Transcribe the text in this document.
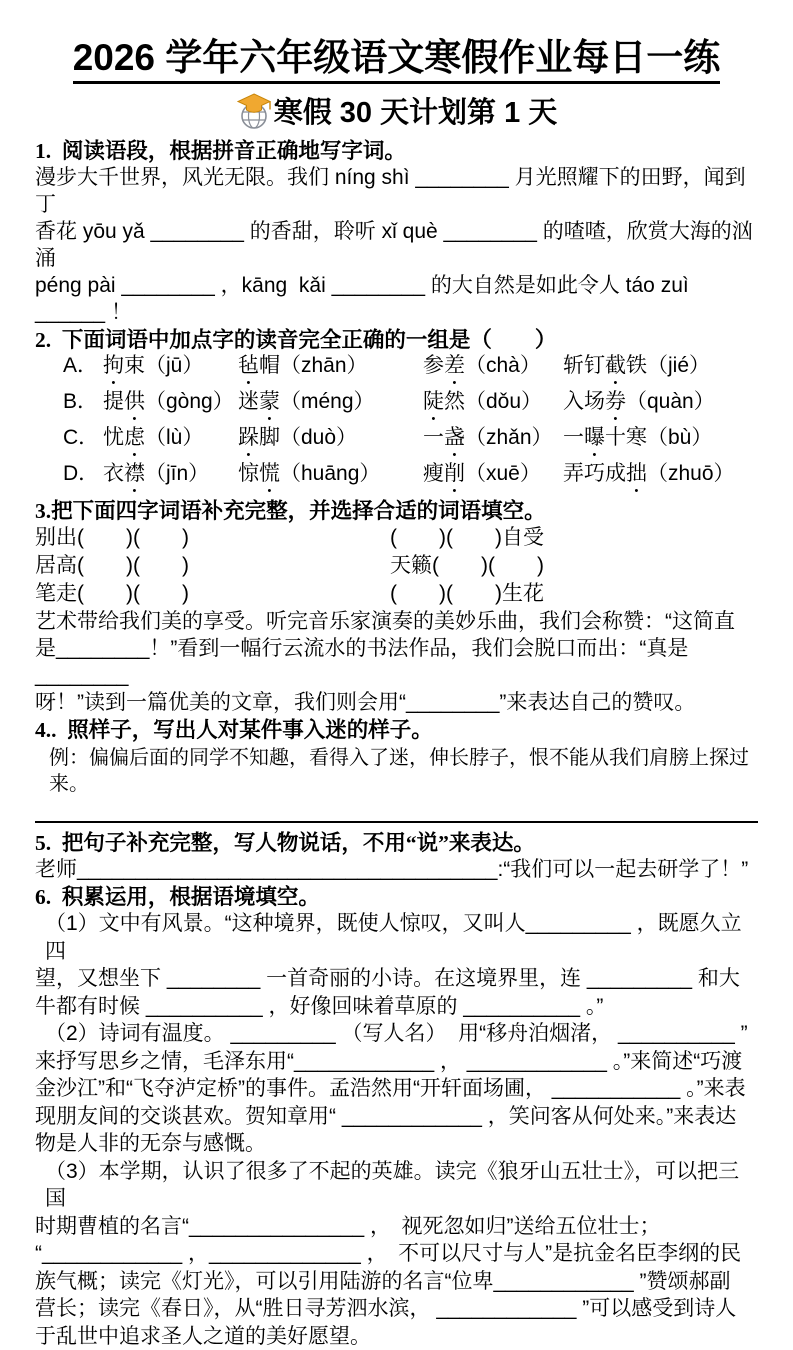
2026 学年六年级语文寒假作业每日一练
寒假 30 天计划第 1 天
1.  阅读语段，根据拼音正确地写字词。
漫步大千世界，风光无限。我们 níng shì ________ 月光照耀下的田野，闻到丁
香花 yōu yǎ ________ 的香甜，聆听 xǐ què ________ 的喳喳，欣赏大海的汹涌
péng pài ________ ，kāng  kǎi ________ 的大自然是如此令人 táo zuì ______ ！
2.  下面词语中加点字的读音完全正确的一组是（　　）
A． 拘束（jū）	毡帽（zhān）	参差（chà）	斩钉截铁（jié）
B． 提供（gòng） 迷蒙（méng）	陡然（dǒu） 入场券（quàn）
C． 忧虑（lù）	跺脚（duò）	一盏（zhǎn） 一曝十寒（bù）
D． 衣襟（jīn）	惊慌（huāng）	瘦削（xuē）	弄巧成拙（zhuō）
3.把下面四字词语补充完整，并选择合适的词语填空。
别出(　　)(　　)	(　　)(　　)自受
居高(　　)(　　)	天籁(　　)(　　)
笔走(　　)(　　)	(　　)(　　)生花
艺术带给我们美的享受。听完音乐家演奏的美妙乐曲，我们会称赞：“这简直
是________！”看到一幅行云流水的书法作品，我们会脱口而出：“真是________
呀！”读到一篇优美的文章，我们则会用“________”来表达自己的赞叹。
4..  照样子，写出人对某件事入迷的样子。
例：偏偏后面的同学不知趣，看得入了迷，伸长脖子，恨不能从我们肩膀上探过来。
5.  把句子补充完整，写人物说话，不用“说”来表达。
老师____________________________________:“我们可以一起去研学了！”
6.  积累运用，根据语境填空。
（1）文中有风景。“这种境界，既使人惊叹，又叫人_________ ，既愿久立四
望，又想坐下 ________ 一首奇丽的小诗。在这境界里，连 _________ 和大
牛都有时候 __________ ，好像回味着草原的 __________ 。”
（2）诗词有温度。 _________ （写人名）  用“移舟泊烟渚， __________ ”
来抒写思乡之情，毛泽东用“____________ ， ____________ 。”来简述“巧渡
金沙江”和“飞夺泸定桥”的事件。孟浩然用“开轩面场圃， ___________ 。”来表
现朋友间的交谈甚欢。贺知章用“ ____________ ，笑问客从何处来。”来表达
物是人非的无奈与感慨。
（3）本学期，认识了很多了不起的英雄。读完《狼牙山五壮士》，可以把三国
时期曹植的名言“_______________ ，　视死忽如归”送给五位壮士；
“____________ ，_____________ ，　不可以尺寸与人”是抗金名臣李纲的民
族气概；读完《灯光》，可以引用陆游的名言“位卑____________ ”赞颂郝副
营长；读完《春日》，从“胜日寻芳泗水滨， ____________ ”可以感受到诗人
于乱世中追求圣人之道的美好愿望。
